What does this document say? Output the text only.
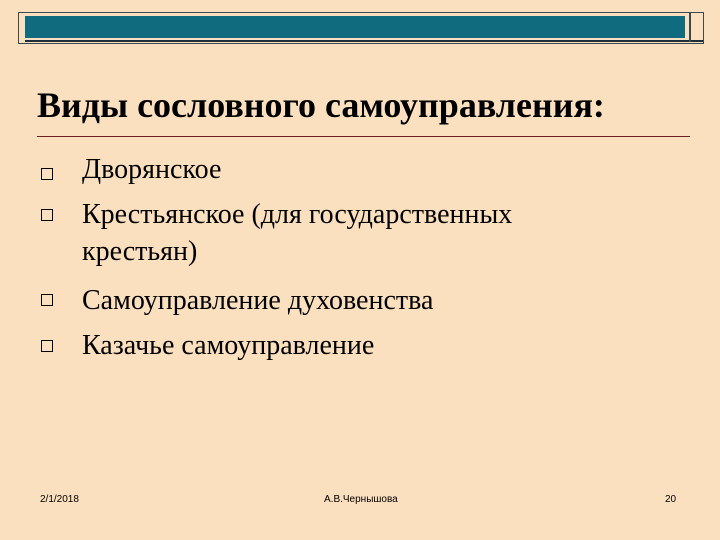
Виды сословного самоуправления:
Дворянское
Крестьянское (для государственных
крестьян)
Самоуправление духовенства
Казачье самоуправление
2/1/2018	А.В.Чернышова	20
